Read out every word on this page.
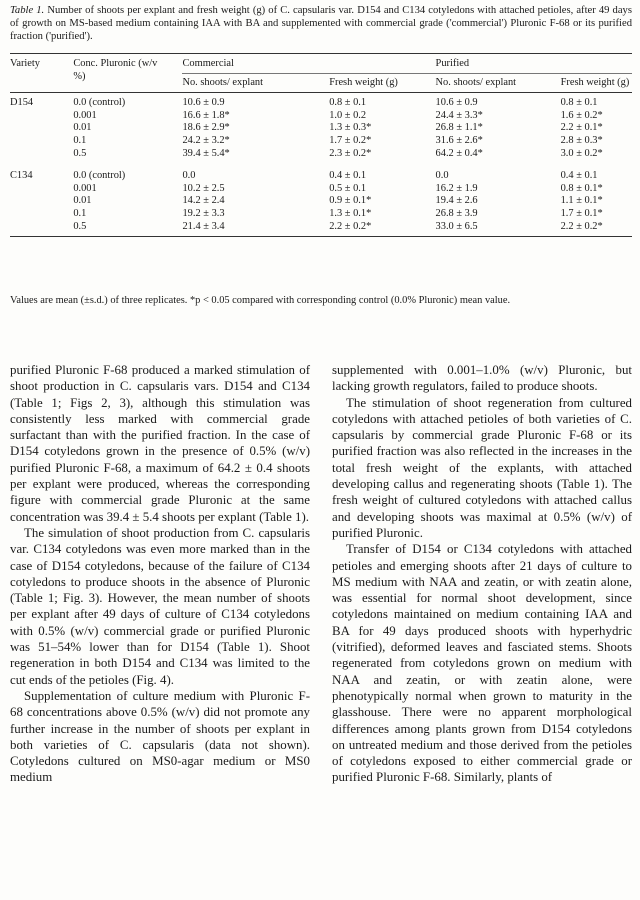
Table 1. Number of shoots per explant and fresh weight (g) of C. capsularis var. D154 and C134 cotyledons with attached petioles, after 49 days of growth on MS-based medium containing IAA with BA and supplemented with commercial grade ('commercial') Pluronic F-68 or its purified fraction ('purified').
Variety	Conc. Pluronic (w/v %)	Commercial		Purified	
		No. shoots/ explant	Fresh weight (g)	No. shoots/ explant	Fresh weight (g)
D154	0.0 (control)	10.6 ± 0.9	0.8 ± 0.1	10.6 ± 0.9	0.8 ± 0.1
	0.001	16.6 ± 1.8*	1.0 ± 0.2	24.4 ± 3.3*	1.6 ± 0.2*
	0.01	18.6 ± 2.9*	1.3 ± 0.3*	26.8 ± 1.1*	2.2 ± 0.1*
	0.1	24.2 ± 3.2*	1.7 ± 0.2*	31.6 ± 2.6*	2.8 ± 0.3*
	0.5	39.4 ± 5.4*	2.3 ± 0.2*	64.2 ± 0.4*	3.0 ± 0.2*
C134	0.0 (control)	0.0	0.4 ± 0.1	0.0	0.4 ± 0.1
	0.001	10.2 ± 2.5	0.5 ± 0.1	16.2 ± 1.9	0.8 ± 0.1*
	0.01	14.2 ± 2.4	0.9 ± 0.1*	19.4 ± 2.6	1.1 ± 0.1*
	0.1	19.2 ± 3.3	1.3 ± 0.1*	26.8 ± 3.9	1.7 ± 0.1*
	0.5	21.4 ± 3.4	2.2 ± 0.2*	33.0 ± 6.5	2.2 ± 0.2*
Values are mean (±s.d.) of three replicates. *p < 0.05 compared with corresponding control (0.0% Pluronic) mean value.

purified Pluronic F-68 produced a marked stimulation of shoot production in C. capsularis vars. D154 and C134 (Table 1; Figs 2, 3), although this stimulation was consistently less marked with commercial grade surfactant than with the purified fraction. In the case of D154 cotyledons grown in the presence of 0.5% (w/v) purified Pluronic F-68, a maximum of 64.2 ± 0.4 shoots per explant were produced, whereas the corresponding figure with commercial grade Pluronic at the same concentration was 39.4 ± 5.4 shoots per explant (Table 1).

The simulation of shoot production from C. capsularis var. C134 cotyledons was even more marked than in the case of D154 cotyledons, because of the failure of C134 cotyledons to produce shoots in the absence of Pluronic (Table 1; Fig. 3). However, the mean number of shoots per explant after 49 days of culture of C134 cotyledons with 0.5% (w/v) commercial grade or purified Pluronic was 51–54% lower than for D154 (Table 1). Shoot regeneration in both D154 and C134 was limited to the cut ends of the petioles (Fig. 4).

Supplementation of culture medium with Pluronic F-68 concentrations above 0.5% (w/v) did not promote any further increase in the number of shoots per explant in both varieties of C. capsularis (data not shown). Cotyledons cultured on MS0-agar medium or MS0 medium

supplemented with 0.001–1.0% (w/v) Pluronic, but lacking growth regulators, failed to produce shoots.

The stimulation of shoot regeneration from cultured cotyledons with attached petioles of both varieties of C. capsularis by commercial grade Pluronic F-68 or its purified fraction was also reflected in the increases in the total fresh weight of the explants, with attached developing callus and regenerating shoots (Table 1). The fresh weight of cultured cotyledons with attached callus and developing shoots was maximal at 0.5% (w/v) of purified Pluronic.

Transfer of D154 or C134 cotyledons with attached petioles and emerging shoots after 21 days of culture to MS medium with NAA and zeatin, or with zeatin alone, was essential for normal shoot development, since cotyledons maintained on medium containing IAA and BA for 49 days produced shoots with hyperhydric (vitrified), deformed leaves and fasciated stems. Shoots regenerated from cotyledons grown on medium with NAA and zeatin, or with zeatin alone, were phenotypically normal when grown to maturity in the glasshouse. There were no apparent morphological differences among plants grown from D154 cotyledons on untreated medium and those derived from the petioles of cotyledons exposed to either commercial grade or purified Pluronic F-68. Similarly, plants of
